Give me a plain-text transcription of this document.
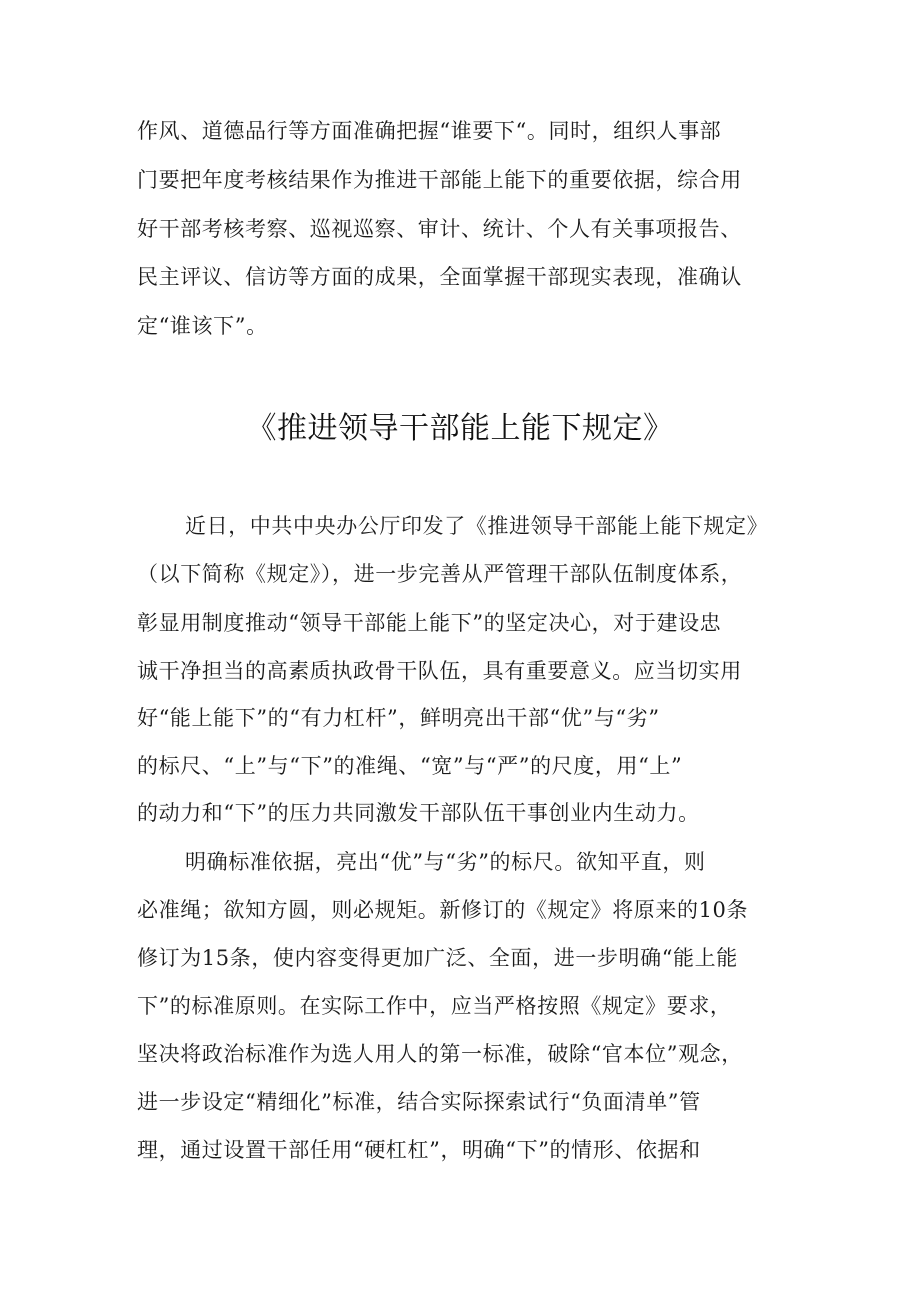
作风、道德品行等方面准确把握“谁要下“。同时，组织人事部
门要把年度考核结果作为推进干部能上能下的重要依据，综合用
好干部考核考察、巡视巡察、审计、统计、个人有关事项报告、
民主评议、信访等方面的成果，全面掌握干部现实表现，准确认
定“谁该下”。
《推进领导干部能上能下规定》
近日，中共中央办公厅印发了《推进领导干部能上能下规定》
（以下简称《规定》），进一步完善从严管理干部队伍制度体系，
彰显用制度推动“领导干部能上能下”的坚定决心，对于建设忠
诚干净担当的高素质执政骨干队伍，具有重要意义。应当切实用
好“能上能下”的“有力杠杆”，鲜明亮出干部“优”与“劣”
的标尺、“上”与“下”的准绳、“宽”与“严”的尺度，用“上”
的动力和“下”的压力共同激发干部队伍干事创业内生动力。
明确标准依据，亮出“优”与“劣”的标尺。欲知平直，则
必准绳；欲知方圆，则必规矩。新修订的《规定》将原来的10条
修订为15条，使内容变得更加广泛、全面，进一步明确“能上能
下”的标准原则。在实际工作中，应当严格按照《规定》要求，
坚决将政治标准作为选人用人的第一标准，破除“官本位”观念，
进一步设定“精细化”标准，结合实际探索试行“负面清单”管
理，通过设置干部任用“硬杠杠”，明确“下”的情形、依据和
